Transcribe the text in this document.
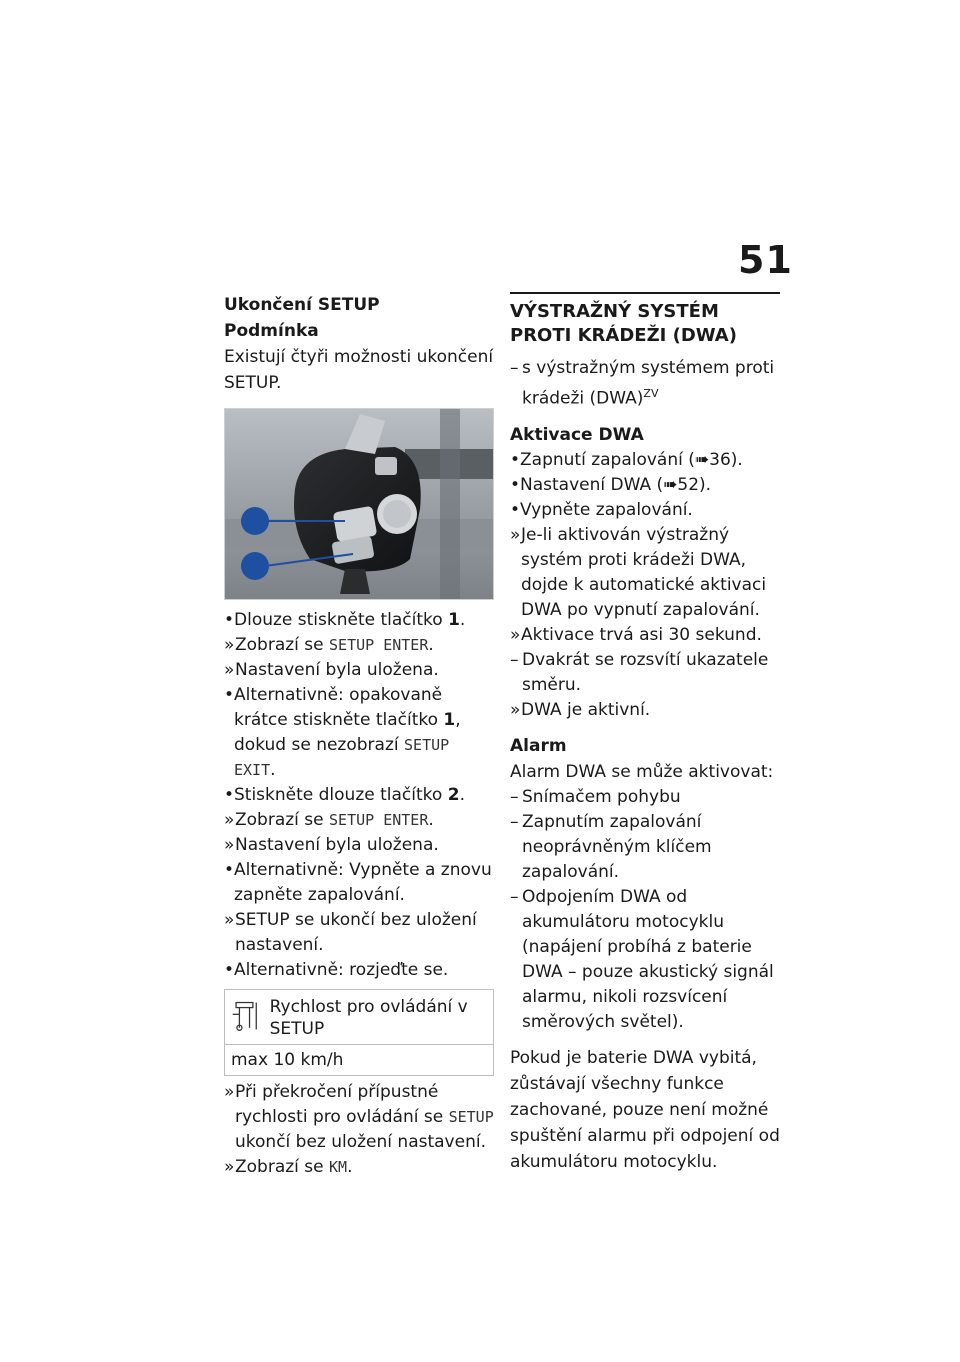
51
Ukončení SETUP
Podmínka
Existují čtyři možnosti ukončení SETUP.
1
2
• Dlouze stiskněte tlačítko 1.
» Zobrazí se SETUP ENTER.
» Nastavení byla uložena.
• Alternativně: opakovaně krátce stiskněte tlačítko 1, dokud se nezobrazí SETUP EXIT.
• Stiskněte dlouze tlačítko 2.
» Zobrazí se SETUP ENTER.
» Nastavení byla uložena.
• Alternativně: Vypněte a znovu zapněte zapalování.
» SETUP se ukončí bez uložení nastavení.
• Alternativně: rozjeďte se.
Rychlost pro ovládání v SETUP
max 10 km/h
» Při překročení přípustné rychlosti pro ovládání se SETUP ukončí bez uložení nastavení.
» Zobrazí se KM.
VÝSTRAŽNÝ SYSTÉM PROTI KRÁDEŽI (DWA)
– s výstražným systémem proti krádeži (DWA)$^{ZV}$
Aktivace DWA
• Zapnutí zapalování (➠36).
• Nastavení DWA (➠52).
• Vypněte zapalování.
» Je-li aktivován výstražný systém proti krádeži DWA, dojde k automatické aktivaci DWA po vypnutí zapalování.
» Aktivace trvá asi 30 sekund.
– Dvakrát se rozsvítí ukazatele směru.
» DWA je aktivní.
Alarm
Alarm DWA se může aktivovat:
– Snímačem pohybu
– Zapnutím zapalování neoprávněným klíčem zapalování.
– Odpojením DWA od akumulátoru motocyklu (napájení probíhá z baterie DWA – pouze akustický signál alarmu, nikoli rozsvícení směrových světel).
Pokud je baterie DWA vybitá, zůstávají všechny funkce zachované, pouze není možné spuštění alarmu při odpojení od akumulátoru motocyklu.
